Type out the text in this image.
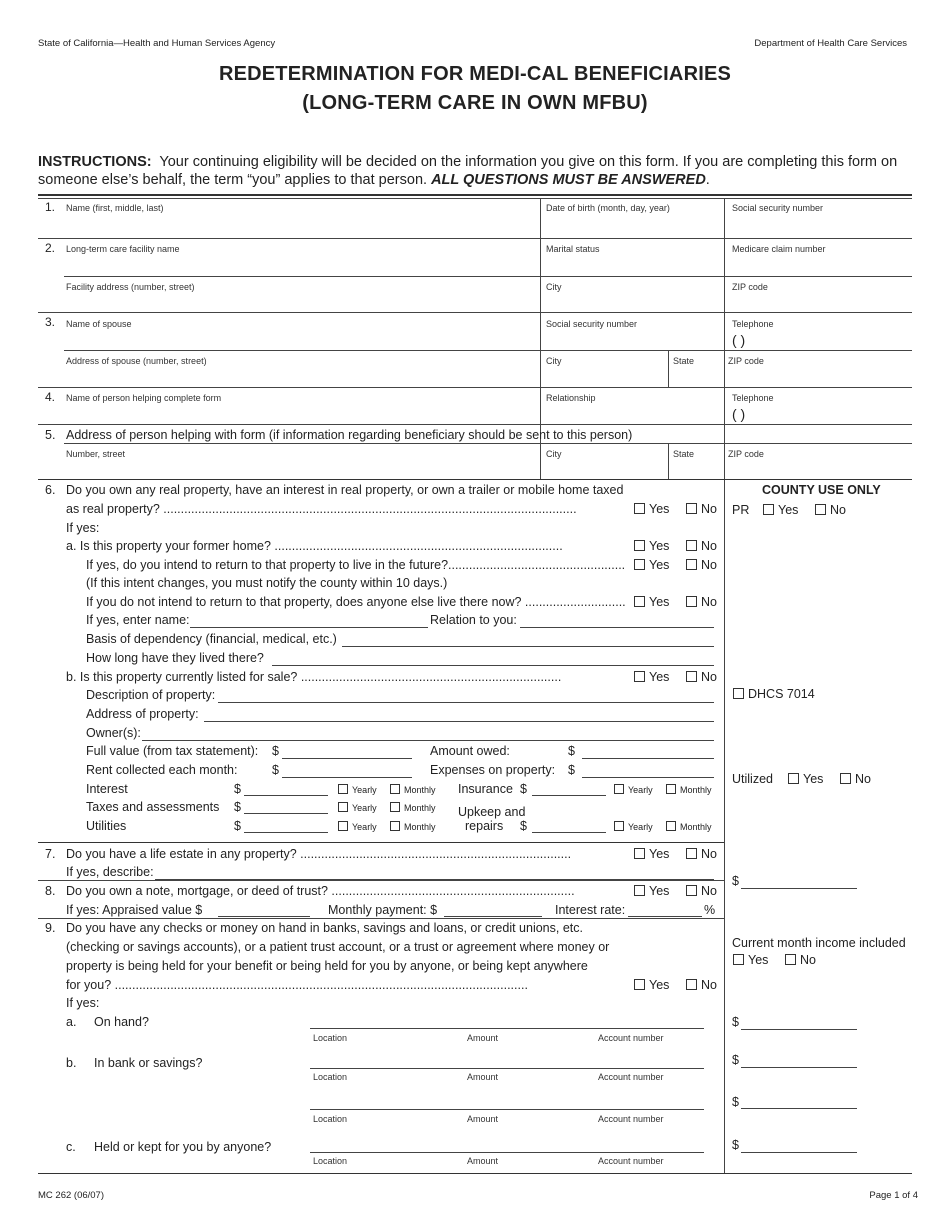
State of California—Health and Human Services Agency	Department of Health Care Services
REDETERMINATION FOR MEDI-CAL BENEFICIARIES
(LONG-TERM CARE IN OWN MFBU)
INSTRUCTIONS: Your continuing eligibility will be decided on the information you give on this form. If you are completing this form on someone else’s behalf, the term “you” applies to that person. ALL QUESTIONS MUST BE ANSWERED.
1. Name (first, middle, last)	Date of birth (month, day, year)	Social security number
2. Long-term care facility name	Marital status	Medicare claim number
Facility address (number, street)	City	ZIP code
3. Name of spouse	Social security number	Telephone
( )
Address of spouse (number, street)	City	State	ZIP code
4. Name of person helping complete form	Relationship	Telephone
( )
5. Address of person helping with form (if information regarding beneficiary should be sent to this person)
Number, street	City	State	ZIP code
6. Do you own any real property, have an interest in real property, or own a trailer or mobile home taxed
as real property? .......................................................................................................................	Yes	No
If yes:
a. Is this property your former home? ...................................................................................	Yes	No
If yes, do you intend to return to that property to live in the future?...................................................	Yes	No
(If this intent changes, you must notify the county within 10 days.)
If you do not intend to return to that property, does anyone else live there now? .............................	Yes	No
If yes, enter name:	Relation to you:
Basis of dependency (financial, medical, etc.)
How long have they lived there?
b. Is this property currently listed for sale? ...........................................................................	Yes	No
Description of property:
Address of property:
Owner(s):
Full value (from tax statement): $	Amount owed:	$
Rent collected each month:	$	Expenses on property: $
Interest	$	Yearly	Monthly Insurance $	Yearly	Monthly
Taxes and assessments $	Yearly	Monthly Upkeep and
Utilities	$	Yearly	Monthly repairs $	Yearly	Monthly
COUNTY USE ONLY
PR	Yes	No
DHCS 7014
Utilized	Yes	No
7. Do you have a life estate in any property? ..............................................................................	Yes	No
If yes, describe:
$
8. Do you own a note, mortgage, or deed of trust? ......................................................................	Yes	No
If yes: Appraised value $	Monthly payment: $	Interest rate:	%
9. Do you have any checks or money on hand in banks, savings and loans, or credit unions, etc.
(checking or savings accounts), or a patient trust account, or a trust or agreement where money or
property is being held for your benefit or being held for you by anyone, or being kept anywhere
for you? .......................................................................................................................	Yes	No
If yes:
Current month income included
Yes	No
a. On hand?
Location	Amount	Account number
$
b. In bank or savings?
Location	Amount	Account number
$
Location	Amount	Account number
$
c. Held or kept for you by anyone?
Location	Amount	Account number
$
MC 262 (06/07)	Page 1 of 4
